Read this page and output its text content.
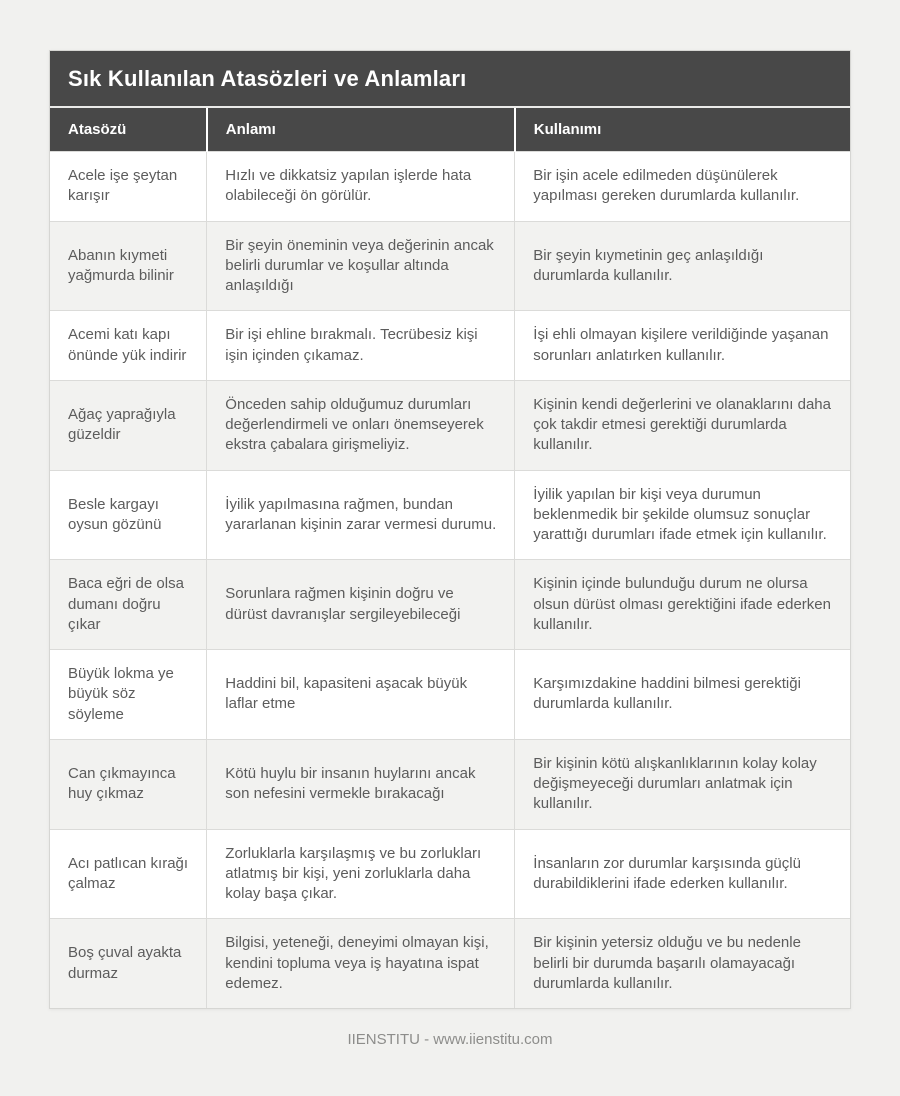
Sık Kullanılan Atasözleri ve Anlamları
Atasözü	Anlamı	Kullanımı
Acele işe şeytan karışır	Hızlı ve dikkatsiz yapılan işlerde hata olabileceği ön görülür.	Bir işin acele edilmeden düşünülerek yapılması gereken durumlarda kullanılır.
Abanın kıymeti yağmurda bilinir	Bir şeyin öneminin veya değerinin ancak belirli durumlar ve koşullar altında anlaşıldığı	Bir şeyin kıymetinin geç anlaşıldığı durumlarda kullanılır.
Acemi katı kapı önünde yük indirir	Bir işi ehline bırakmalı. Tecrübesiz kişi işin içinden çıkamaz.	İşi ehli olmayan kişilere verildiğinde yaşanan sorunları anlatırken kullanılır.
Ağaç yaprağıyla güzeldir	Önceden sahip olduğumuz durumları değerlendirmeli ve onları önemseyerek ekstra çabalara girişmeliyiz.	Kişinin kendi değerlerini ve olanaklarını daha çok takdir etmesi gerektiği durumlarda kullanılır.
Besle kargayı oysun gözünü	İyilik yapılmasına rağmen, bundan yararlanan kişinin zarar vermesi durumu.	İyilik yapılan bir kişi veya durumun beklenmedik bir şekilde olumsuz sonuçlar yarattığı durumları ifade etmek için kullanılır.
Baca eğri de olsa dumanı doğru çıkar	Sorunlara rağmen kişinin doğru ve dürüst davranışlar sergileyebileceği	Kişinin içinde bulunduğu durum ne olursa olsun dürüst olması gerektiğini ifade ederken kullanılır.
Büyük lokma ye büyük söz söyleme	Haddini bil, kapasiteni aşacak büyük laflar etme	Karşımızdakine haddini bilmesi gerektiği durumlarda kullanılır.
Can çıkmayınca huy çıkmaz	Kötü huylu bir insanın huylarını ancak son nefesini vermekle bırakacağı	Bir kişinin kötü alışkanlıklarının kolay kolay değişmeyeceği durumları anlatmak için kullanılır.
Acı patlıcan kırağı çalmaz	Zorluklarla karşılaşmış ve bu zorlukları atlatmış bir kişi, yeni zorluklarla daha kolay başa çıkar.	İnsanların zor durumlar karşısında güçlü durabildiklerini ifade ederken kullanılır.
Boş çuval ayakta durmaz	Bilgisi, yeteneği, deneyimi olmayan kişi, kendini topluma veya iş hayatına ispat edemez.	Bir kişinin yetersiz olduğu ve bu nedenle belirli bir durumda başarılı olamayacağı durumlarda kullanılır.
IIENSTITU - www.iienstitu.com
